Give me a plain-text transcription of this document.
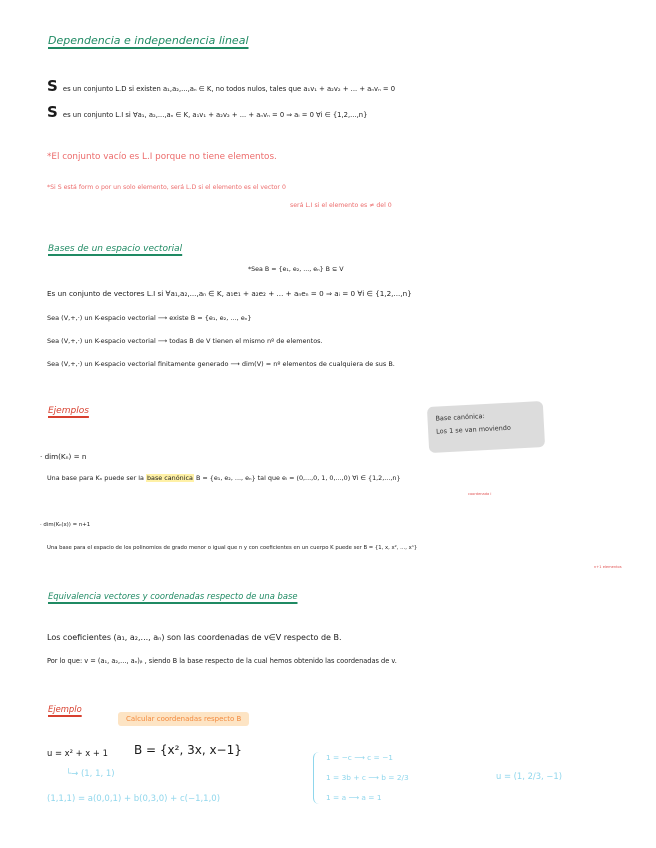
Dependencia e independencia lineal
S es un conjunto L.D si existen a₁,a₂,...,aₙ ∈ K, no todos nulos, tales que a₁v₁ + a₂v₂ + ... + aₙvₙ = 0
S es un conjunto L.I si ∀a₁, a₂,...,aₙ ∈ K, a₁v₁ + a₂v₂ + ... + aₙvₙ = 0 ⇒ aᵢ = 0 ∀i ∈ {1,2,...,n}
*El conjunto vacío es L.I porque no tiene elementos.
*Si S está form o por un solo elemento, será L.D si el elemento es el vector 0
será L.I si el elemento es ≠ del 0
Bases de un espacio vectorial
*Sea B = {e₁, e₂, ..., eₙ} B ⊆ V
Es un conjunto de vectores L.I si ∀a₁,a₂,...,aₙ ∈ K, a₁e₁ + a₂e₂ + ... + aₙeₙ = 0 ⇒ aᵢ = 0 ∀i ∈ {1,2,...,n}
Sea (V,+,·) un K-espacio vectorial ⟶ existe B = {e₁, e₂, ..., eₙ}
Sea (V,+,·) un K-espacio vectorial ⟶ todas B de V tienen el mismo nº de elementos.
Sea (V,+,·) un K-espacio vectorial finitamente generado ⟶ dim(V) = nº elementos de cualquiera de sus B.
Ejemplos
Base canónica:
Los 1 se van moviendo
· dim(Kₙ) = n
Una base para Kₙ puede ser la base canónica B = {e₁, e₂, ..., eₙ} tal que eᵢ = (0,...,0, 1, 0,...,0) ∀i ∈ {1,2,...,n}
coordenada i
· dim(Kₙ(x)) = n+1
Una base para el espacio de los polinomios de grado menor o igual que n y con coeficientes en un cuerpo K puede ser B = {1, x, x², ..., xⁿ}
n+1 elementos
Equivalencia vectores y coordenadas respecto de una base
Los coeficientes (a₁, a₂,..., aₙ) son las coordenadas de v∈V respecto de B.
Por lo que: v = (a₁, a₂,..., aₙ)ᵦ , siendo B la base respecto de la cual hemos obtenido las coordenadas de v.
Ejemplo
Calcular coordenadas respecto B
u = x² + x + 1 B = {x², 3x, x−1}
└→ (1, 1, 1)
(1,1,1) = a(0,0,1) + b(0,3,0) + c(−1,1,0)
1 = −c ⟶ c = −1
1 = 3b + c ⟶ b = 2/3
1 = a ⟶ a = 1
u = (1, 2/3, −1)
